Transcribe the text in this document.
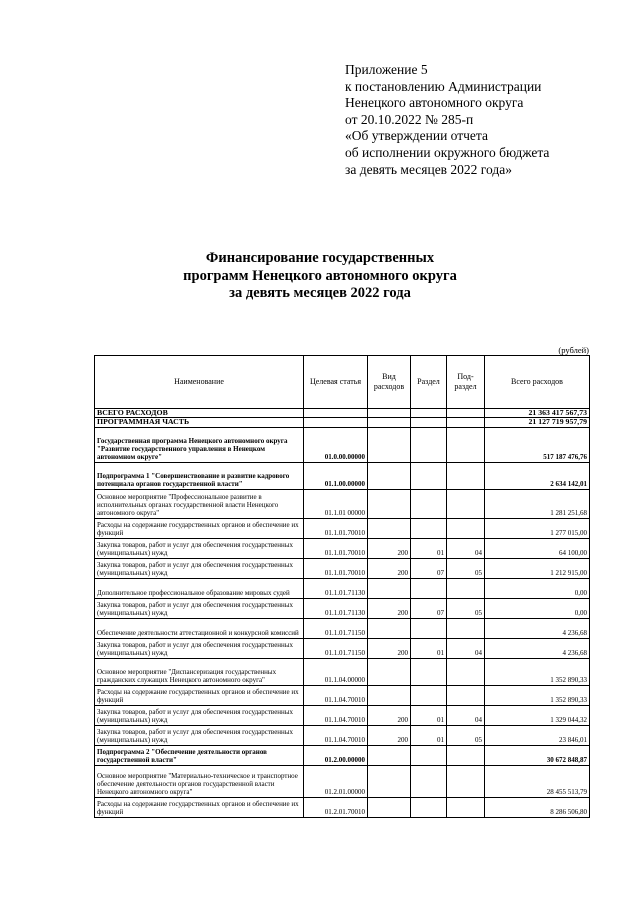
Приложение 5
к постановлению Администрации
Ненецкого автономного округа
от 20.10.2022 № 285-п
«Об утверждении отчета
об исполнении окружного бюджета
за девять месяцев 2022 года»
Финансирование государственных
программ Ненецкого автономного округа
за девять месяцев 2022 года
(рублей)
Наименование	Целевая статья	Вид расходов	Раздел	Под-раздел	Всего расходов
ВСЕГО РАСХОДОВ					21 363 417 567,73
ПРОГРАММНАЯ ЧАСТЬ					21 127 719 957,79
Государственная программа Ненецкого автономного округа "Развитие государственного управления в Ненецком автономном округе"	01.0.00.00000				517 187 476,76
Подпрограмма 1 "Совершенствование и развитие кадрового потенциала органов государственной власти"	01.1.00.00000				2 634 142,01
Основное мероприятие "Профессиональное развитие в исполнительных органах государственной власти Ненецкого автономного округа"	01.1.01 00000				1 281 251,68
Расходы на содержание государственных органов и обеспечение их функций	01.1.01.70010				1 277 015,00
Закупка товаров, работ и услуг для обеспечения государственных (муниципальных) нужд	01.1.01.70010	200	01	04	64 100,00
Закупка товаров, работ и услуг для обеспечения государственных (муниципальных) нужд	01.1.01.70010	200	07	05	1 212 915,00
Дополнительное профессиональное образование мировых судей	01.1.01.71130				0,00
Закупка товаров, работ и услуг для обеспечения государственных (муниципальных) нужд	01.1.01.71130	200	07	05	0,00
Обеспечение деятельности аттестационной и конкурсной комиссий	01.1.01.71150				4 236,68
Закупка товаров, работ и услуг для обеспечения государственных (муниципальных) нужд	01.1.01.71150	200	01	04	4 236,68
Основное мероприятие "Диспансеризация государственных гражданских служащих Ненецкого автономного округа"	01.1.04.00000				1 352 890,33
Расходы на содержание государственных органов и обеспечение их функций	01.1.04.70010				1 352 890,33
Закупка товаров, работ и услуг для обеспечения государственных (муниципальных) нужд	01.1.04.70010	200	01	04	1 329 044,32
Закупка товаров, работ и услуг для обеспечения государственных (муниципальных) нужд	01.1.04.70010	200	01	05	23 846,01
Подпрограмма 2 "Обеспечение деятельности органов государственной власти"	01.2.00.00000				30 672 848,87
Основное мероприятие "Материально-техническое и транспортное обеспечение деятельности органов государственной власти Ненецкого автономного округа"	01.2.01.00000				28 455 513,79
Расходы на содержание государственных органов и обеспечение их функций	01.2.01.70010				8 286 506,80
